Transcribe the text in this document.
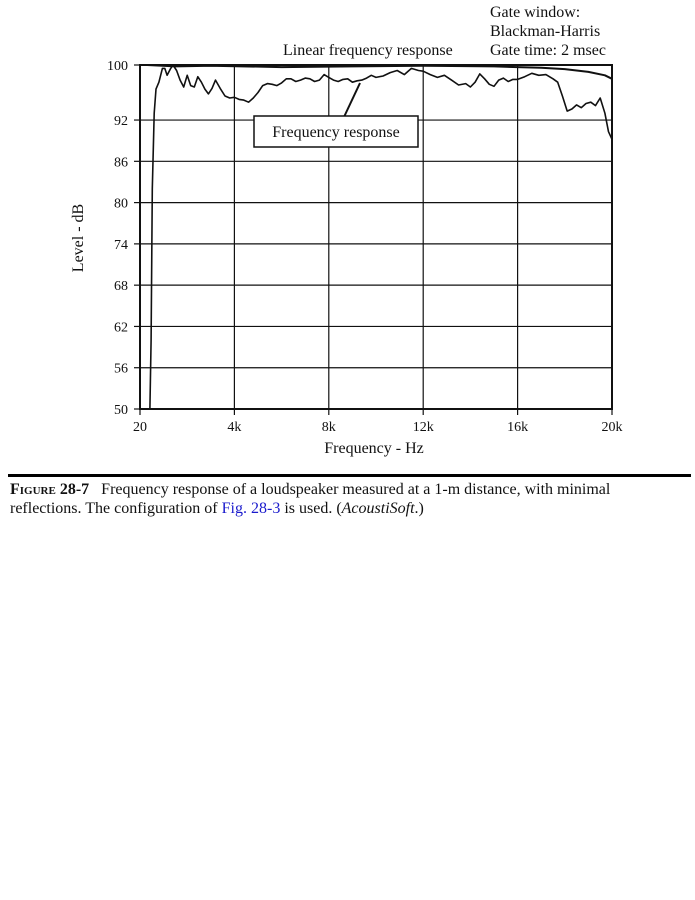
50
56
62
68
74
80
86
92
100
20	4k	8k	12k	16k	20k
Frequency - Hz
Level - dB
Gate window:
Blackman-Harris
Gate time: 2 msec
Linear frequency response
Frequency response
Figure 28-7 Frequency response of a loudspeaker measured at a 1-m distance, with minimal reflections. The configuration of Fig. 28-3 is used. (AcoustiSoft.)
